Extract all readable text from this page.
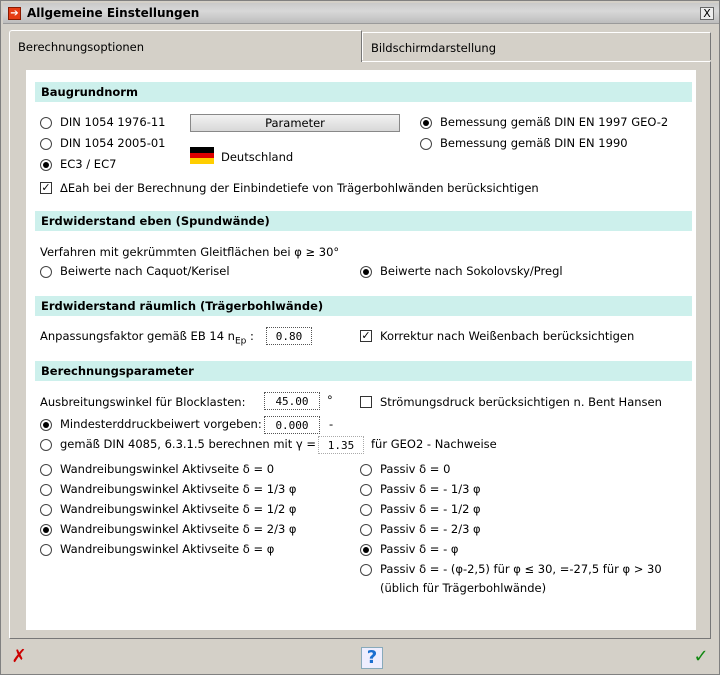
➔ Allgemeine Einstellungen	X
Berechnungsoptionen	Bildschirmdarstellung
Baugrundnorm
DIN 1054 1976-11
DIN 1054 2005-01
EC3 / EC7
Parameter
Deutschland
Bemessung gemäß DIN EN 1997 GEO-2
Bemessung gemäß DIN EN 1990
✓ ΔEah bei der Berechnung der Einbindetiefe von Trägerbohlwänden berücksichtigen
Erdwiderstand eben (Spundwände)
Verfahren mit gekrümmten Gleitflächen bei φ ≥ 30°
Beiwerte nach Caquot/Kerisel	Beiwerte nach Sokolovsky/Pregl
Erdwiderstand räumlich (Trägerbohlwände)
Anpassungsfaktor gemäß EB 14 $n_{Ep}$ :	0.80	✓ Korrektur nach Weißenbach berücksichtigen
Berechnungsparameter
Ausbreitungswinkel für Blocklasten:	45.00	°	Strömungsdruck berücksichtigen n. Bent Hansen
Mindesterddruckbeiwert vorgeben:	0.000	-
gemäß DIN 4085, 6.3.1.5 berechnen mit γ =	1.35	für GEO2 - Nachweise
Wandreibungswinkel Aktivseite δ = 0
Wandreibungswinkel Aktivseite δ = 1/3 φ
Wandreibungswinkel Aktivseite δ = 1/2 φ
Wandreibungswinkel Aktivseite δ = 2/3 φ
Wandreibungswinkel Aktivseite δ = φ
Passiv δ = 0
Passiv δ = - 1/3 φ
Passiv δ = - 1/2 φ
Passiv δ = - 2/3 φ
Passiv δ = - φ
Passiv δ = - (φ-2,5) für φ ≤ 30, =-27,5 für φ > 30
(üblich für Trägerbohlwände)
✗	?	✓
